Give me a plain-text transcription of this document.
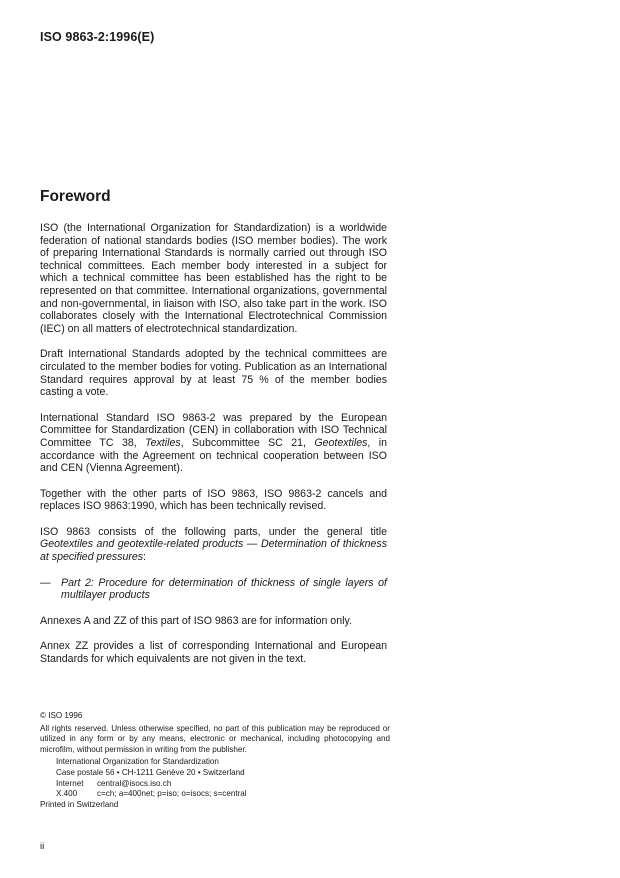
ISO 9863-2:1996(E)
Foreword

ISO (the International Organization for Standardization) is a worldwide federation of national standards bodies (ISO member bodies). The work of preparing International Standards is normally carried out through ISO technical committees. Each member body interested in a subject for which a technical committee has been established has the right to be represented on that committee. International organizations, governmental and non-governmental, in liaison with ISO, also take part in the work. ISO collaborates closely with the International Electrotechnical Commission (IEC) on all matters of electrotechnical standardization.

Draft International Standards adopted by the technical committees are circulated to the member bodies for voting. Publication as an International Standard requires approval by at least 75 % of the member bodies casting a vote.

International Standard ISO 9863-2 was prepared by the European Committee for Standardization (CEN) in collaboration with ISO Technical Committee TC 38, Textiles, Subcommittee SC 21, Geotextiles, in accordance with the Agreement on technical cooperation between ISO and CEN (Vienna Agreement).

Together with the other parts of ISO 9863, ISO 9863-2 cancels and replaces ISO 9863:1990, which has been technically revised.

ISO 9863 consists of the following parts, under the general title Geotextiles and geotextile-related products — Determination of thickness at specified pressures:

— Part 2: Procedure for determination of thickness of single layers of multilayer products

Annexes A and ZZ of this part of ISO 9863 are for information only.

Annex ZZ provides a list of corresponding International and European Standards for which equivalents are not given in the text.

© ISO 1996
All rights reserved. Unless otherwise specified, no part of this publication may be reproduced or utilized in any form or by any means, electronic or mechanical, including photocopying and microfilm, without permission in writing from the publisher.
International Organization for Standardization
Case postale 56 • CH-1211 Genève 20 • Switzerland
Internet	central@isocs.iso.ch
X.400	c=ch; a=400net; p=iso; o=isocs; s=central
Printed in Switzerland
ii
